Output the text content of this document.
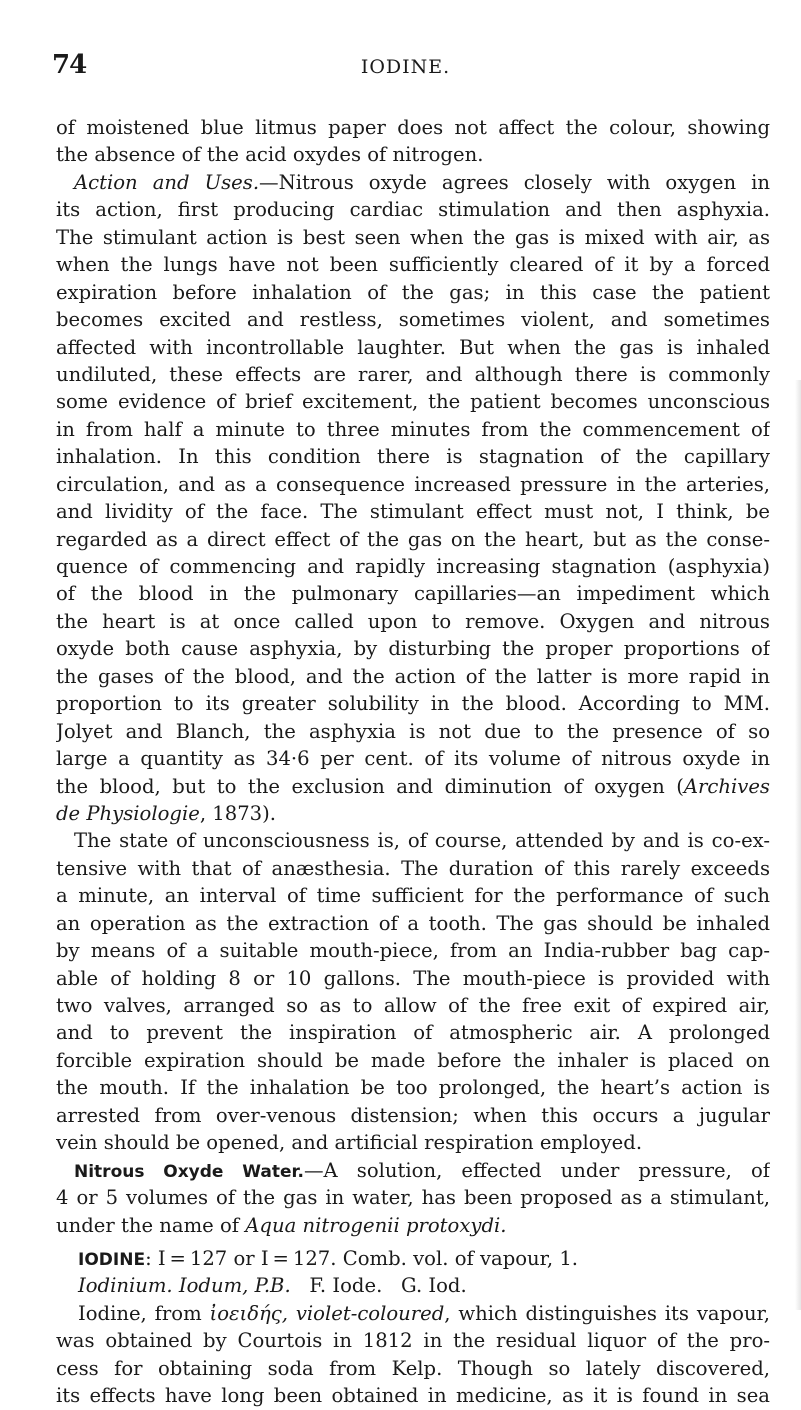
74	IODINE.
of moistened blue litmus paper does not affect the colour, showing
the absence of the acid oxydes of nitrogen.
Action and Uses.—Nitrous oxyde agrees closely with oxygen in
its action, first producing cardiac stimulation and then asphyxia.
The stimulant action is best seen when the gas is mixed with air, as
when the lungs have not been sufficiently cleared of it by a forced
expiration before inhalation of the gas; in this case the patient
becomes excited and restless, sometimes violent, and sometimes
affected with incontrollable laughter. But when the gas is inhaled
undiluted, these effects are rarer, and although there is commonly
some evidence of brief excitement, the patient becomes unconscious
in from half a minute to three minutes from the commencement of
inhalation. In this condition there is stagnation of the capillary
circulation, and as a consequence increased pressure in the arteries,
and lividity of the face. The stimulant effect must not, I think, be
regarded as a direct effect of the gas on the heart, but as the conse-
quence of commencing and rapidly increasing stagnation (asphyxia)
of the blood in the pulmonary capillaries—an impediment which
the heart is at once called upon to remove. Oxygen and nitrous
oxyde both cause asphyxia, by disturbing the proper proportions of
the gases of the blood, and the action of the latter is more rapid in
proportion to its greater solubility in the blood. According to MM.
Jolyet and Blanch, the asphyxia is not due to the presence of so
large a quantity as 34·6 per cent. of its volume of nitrous oxyde in
the blood, but to the exclusion and diminution of oxygen (Archives
de Physiologie, 1873).
The state of unconsciousness is, of course, attended by and is co-ex-
tensive with that of anæsthesia. The duration of this rarely exceeds
a minute, an interval of time sufficient for the performance of such
an operation as the extraction of a tooth. The gas should be inhaled
by means of a suitable mouth-piece, from an India-rubber bag cap-
able of holding 8 or 10 gallons. The mouth-piece is provided with
two valves, arranged so as to allow of the free exit of expired air,
and to prevent the inspiration of atmospheric air. A prolonged
forcible expiration should be made before the inhaler is placed on
the mouth. If the inhalation be too prolonged, the heart’s action is
arrested from over-venous distension; when this occurs a jugular
vein should be opened, and artificial respiration employed.
Nitrous Oxyde Water.—A solution, effected under pressure, of
4 or 5 volumes of the gas in water, has been proposed as a stimulant,
under the name of Aqua nitrogenii protoxydi.
IODINE: I = 127 or I = 127. Comb. vol. of vapour, 1.
Iodinium. Iodum, P.B. F. Iode. G. Iod.
Iodine, from ἰοειδής, violet-coloured, which distinguishes its vapour,
was obtained by Courtois in 1812 in the residual liquor of the pro-
cess for obtaining soda from Kelp. Though so lately discovered,
its effects have long been obtained in medicine, as it is found in sea
